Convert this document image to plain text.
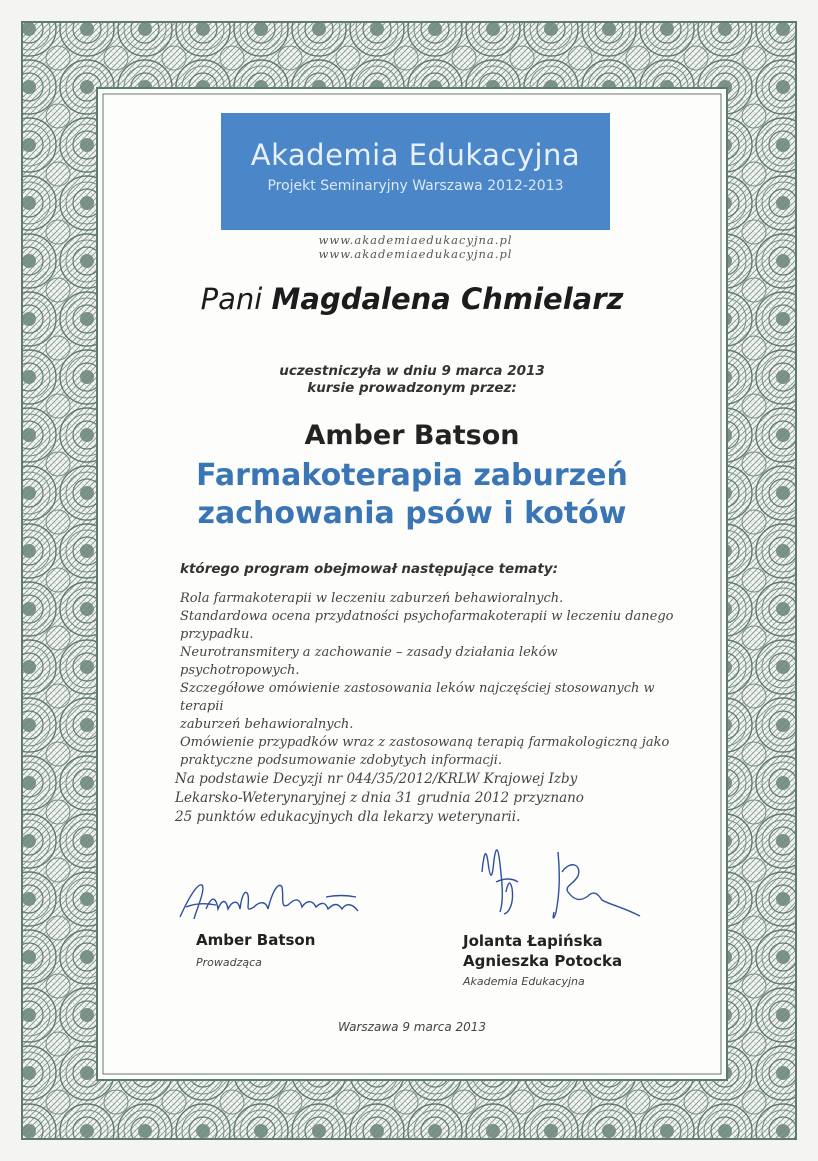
Akademia Edukacyjna
Projekt Seminaryjny Warszawa 2012-2013
www.akademiaedukacyjna.pl www.akademiaedukacyjna.pl
Pani Magdalena Chmielarz
uczestniczyła w dniu 9 marca 2013
kursie prowadzonym przez:
Amber Batson
Farmakoterapia zaburzeń
zachowania psów i kotów
którego program obejmował następujące tematy:
Rola farmakoterapii w leczeniu zaburzeń behawioralnych.
Standardowa ocena przydatności psychofarmakoterapii w leczeniu danego
przypadku.
Neurotransmitery a zachowanie – zasady działania leków psychotropowych.
Szczegółowe omówienie zastosowania leków najczęściej stosowanych w terapii
zaburzeń behawioralnych.
Omówienie przypadków wraz z zastosowaną terapią farmakologiczną jako
praktyczne podsumowanie zdobytych informacji.
Na podstawie Decyzji nr 044/35/2012/KRLW Krajowej Izby
Lekarsko-Weterynaryjnej z dnia 31 grudnia 2012 przyznano
25 punktów edukacyjnych dla lekarzy weterynarii.
Amber Batson
Prowadząca
Jolanta Łapińska
Agnieszka Potocka
Akademia Edukacyjna
Warszawa 9 marca 2013
